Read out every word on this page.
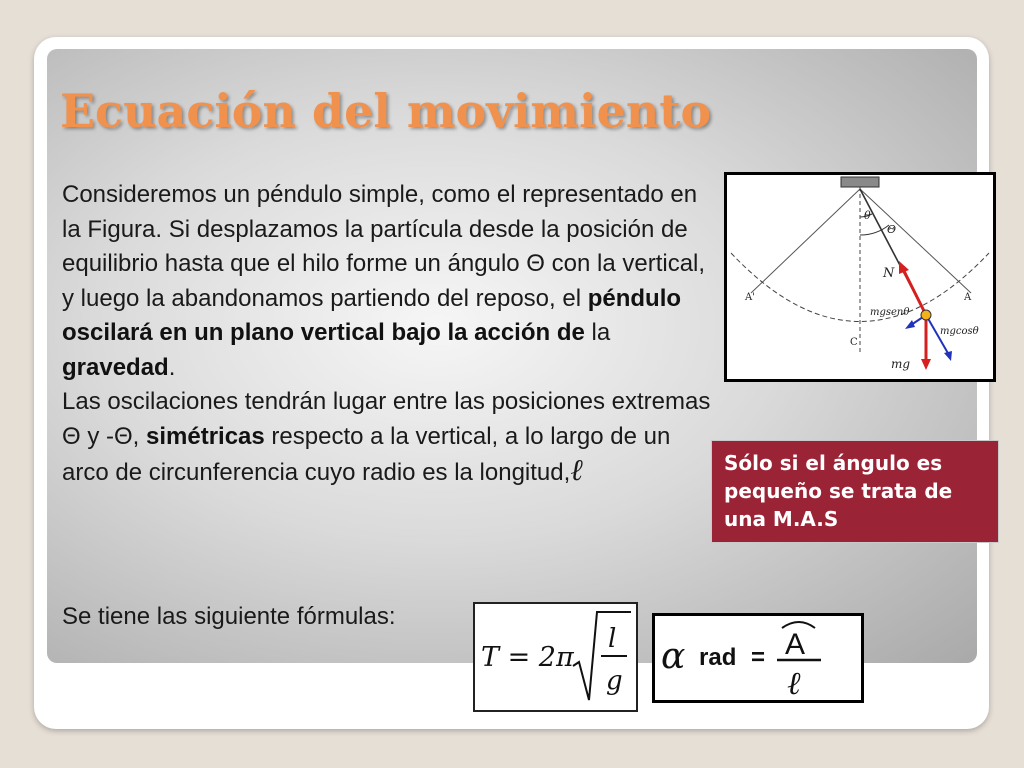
Ecuación del movimiento

Consideremos un péndulo simple, como el representado en la Figura. Si desplazamos la partícula desde la posición de equilibrio hasta que el hilo forme un ángulo Θ con la vertical, y luego la abandonamos partiendo del reposo, el péndulo oscilará en un plano vertical bajo la acción de la gravedad.

Las oscilaciones tendrán lugar entre las posiciones extremas Θ y -Θ, simétricas respecto a la vertical, a lo largo de un arco de circunferencia cuyo radio es la longitud,ℓ

Se tiene las siguiente fórmulas:
θ
Θ
N
mgsenθ
mgcosθ
mg
A'	A
C
Sólo si el ángulo es pequeño se trata de una M.A.S
T = 2π
l
g
α rad = A
ℓ
